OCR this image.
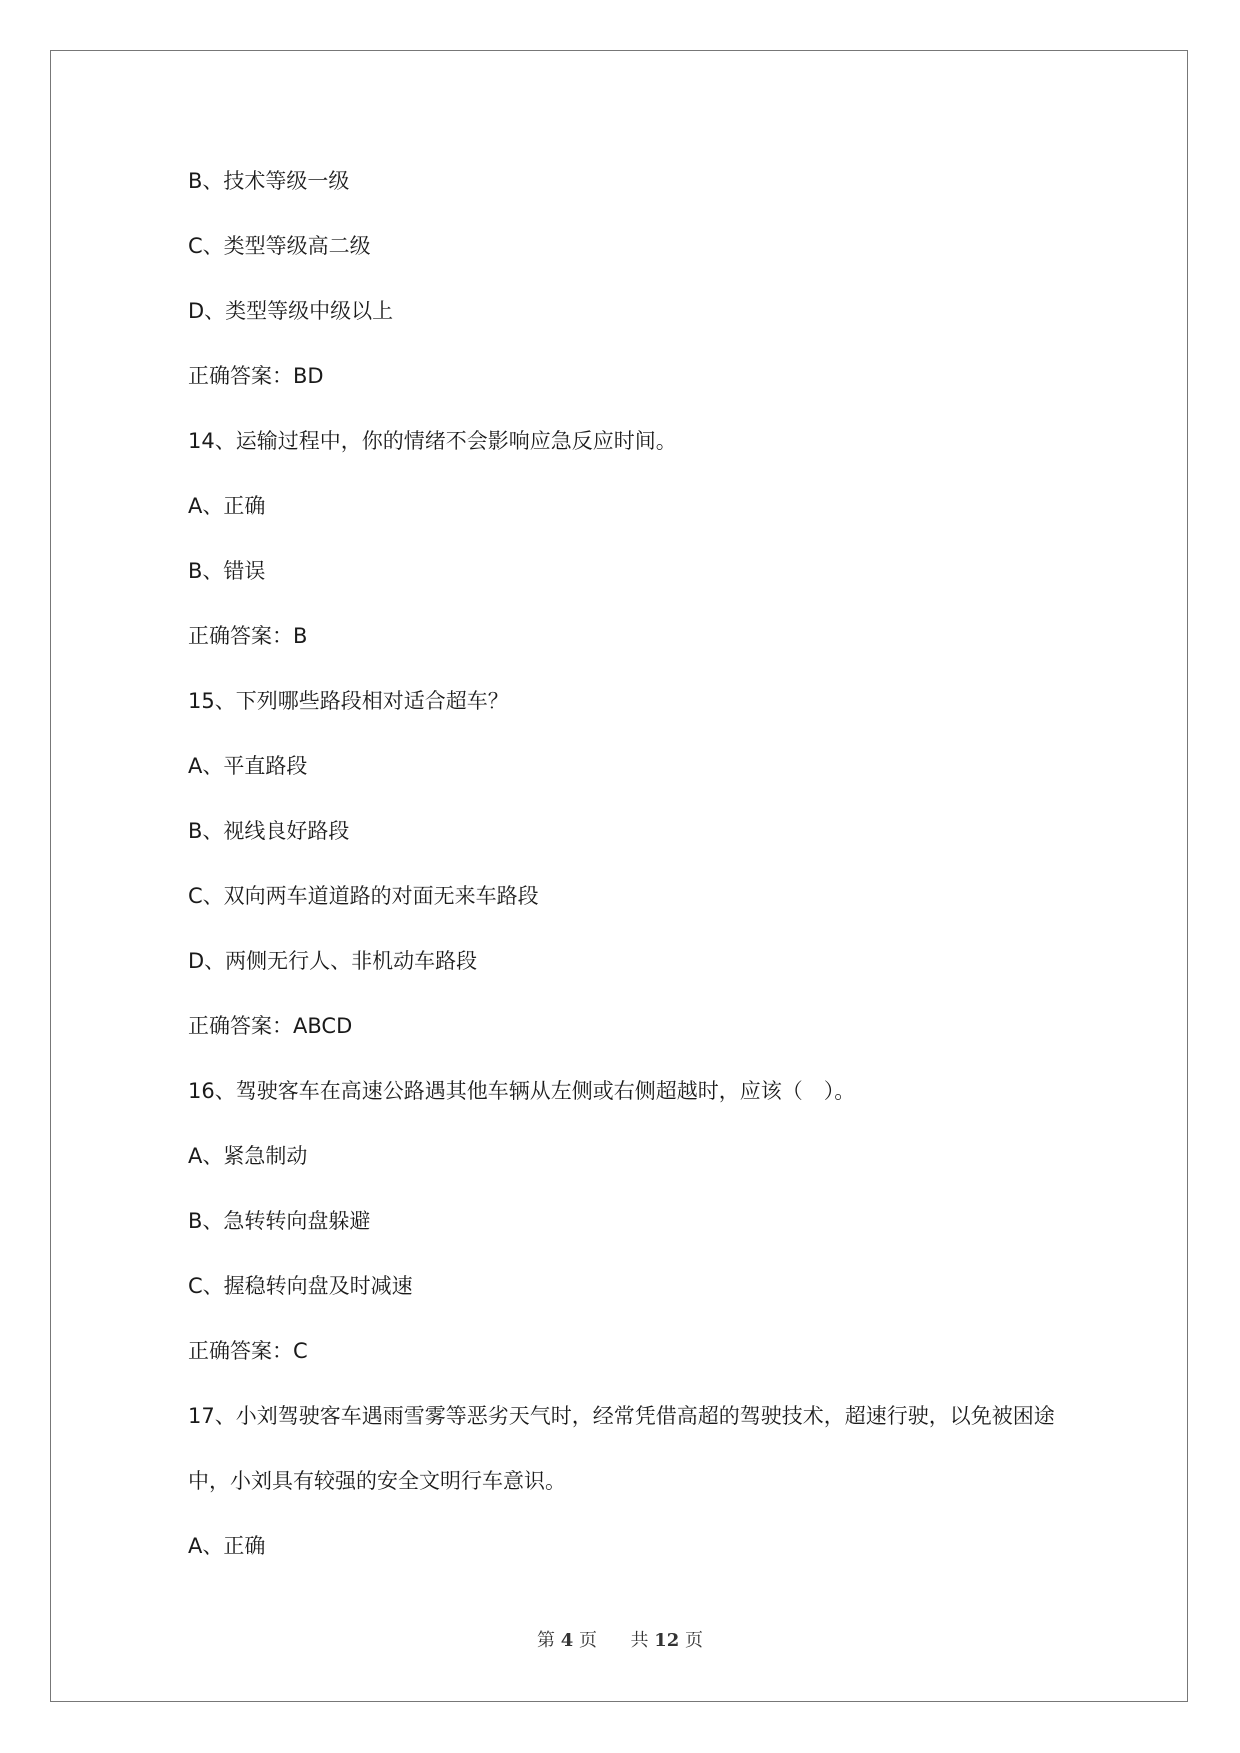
B、技术等级一级
C、类型等级高二级
D、类型等级中级以上
正确答案：BD
14、运输过程中，你的情绪不会影响应急反应时间。
A、正确
B、错误
正确答案：B
15、下列哪些路段相对适合超车？
A、平直路段
B、视线良好路段
C、双向两车道道路的对面无来车路段
D、两侧无行人、非机动车路段
正确答案：ABCD
16、驾驶客车在高速公路遇其他车辆从左侧或右侧超越时，应该（　）。
A、紧急制动
B、急转转向盘躲避
C、握稳转向盘及时减速
正确答案：C
17、小刘驾驶客车遇雨雪雾等恶劣天气时，经常凭借高超的驾驶技术，超速行驶，以免被困途
中，小刘具有较强的安全文明行车意识。
A、正确
第 4 页 共 12 页
